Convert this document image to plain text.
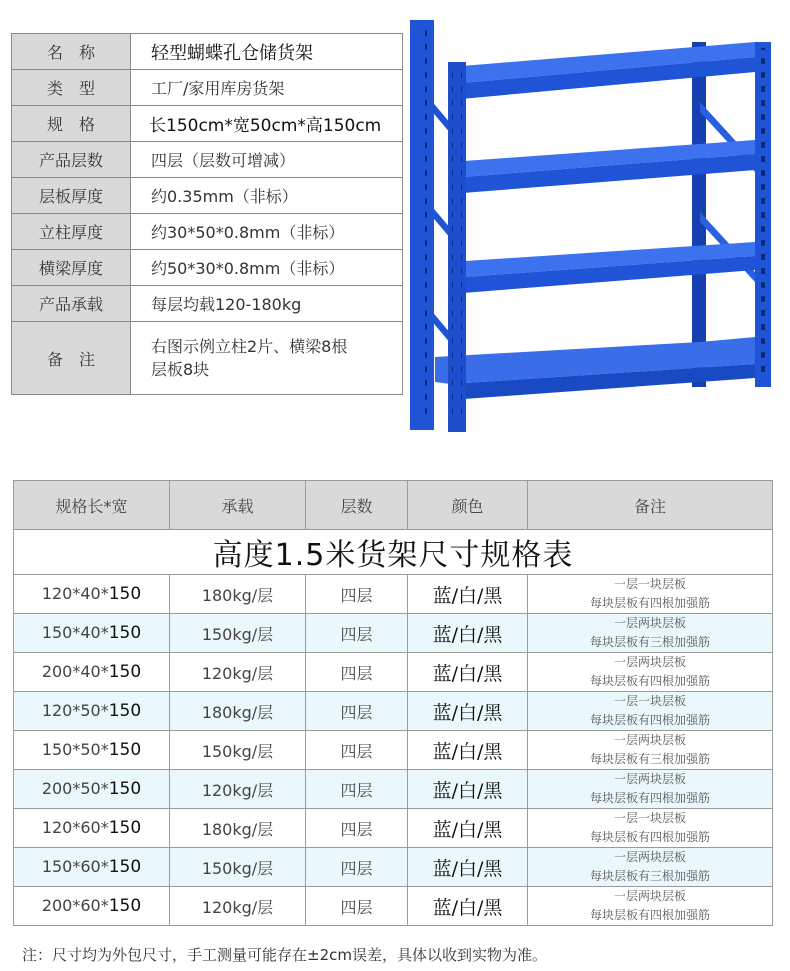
名　称	轻型蝴蝶孔仓储货架
类　型	工厂/家用库房货架
规　格	长150cm*宽50cm*高150cm
产品层数	四层（层数可增减）
层板厚度	约0.35mm（非标）
立柱厚度	约30*50*0.8mm（非标）
横梁厚度	约50*30*0.8mm（非标）
产品承载	每层均载120-180kg
备　注	右图示例立柱2片、横梁8根
层板8块
规格长*宽	承载	层数	颜色	备注
高度1.5米货架尺寸规格表				
120*40*150	180kg/层	四层	蓝/白/黑	一层一块层板
每块层板有四根加强筋

150*40*150	150kg/层	四层	蓝/白/黑	一层两块层板
每块层板有三根加强筋

200*40*150	120kg/层	四层	蓝/白/黑	一层两块层板
每块层板有四根加强筋

120*50*150	180kg/层	四层	蓝/白/黑	一层一块层板
每块层板有四根加强筋

150*50*150	150kg/层	四层	蓝/白/黑	一层两块层板
每块层板有三根加强筋

200*50*150	120kg/层	四层	蓝/白/黑	一层两块层板
每块层板有四根加强筋

120*60*150	180kg/层	四层	蓝/白/黑	一层一块层板
每块层板有四根加强筋

150*60*150	150kg/层	四层	蓝/白/黑	一层两块层板
每块层板有三根加强筋

200*60*150	120kg/层	四层	蓝/白/黑	一层两块层板
每块层板有四根加强筋
注：尺寸均为外包尺寸，手工测量可能存在±2cm误差，具体以收到实物为准。
